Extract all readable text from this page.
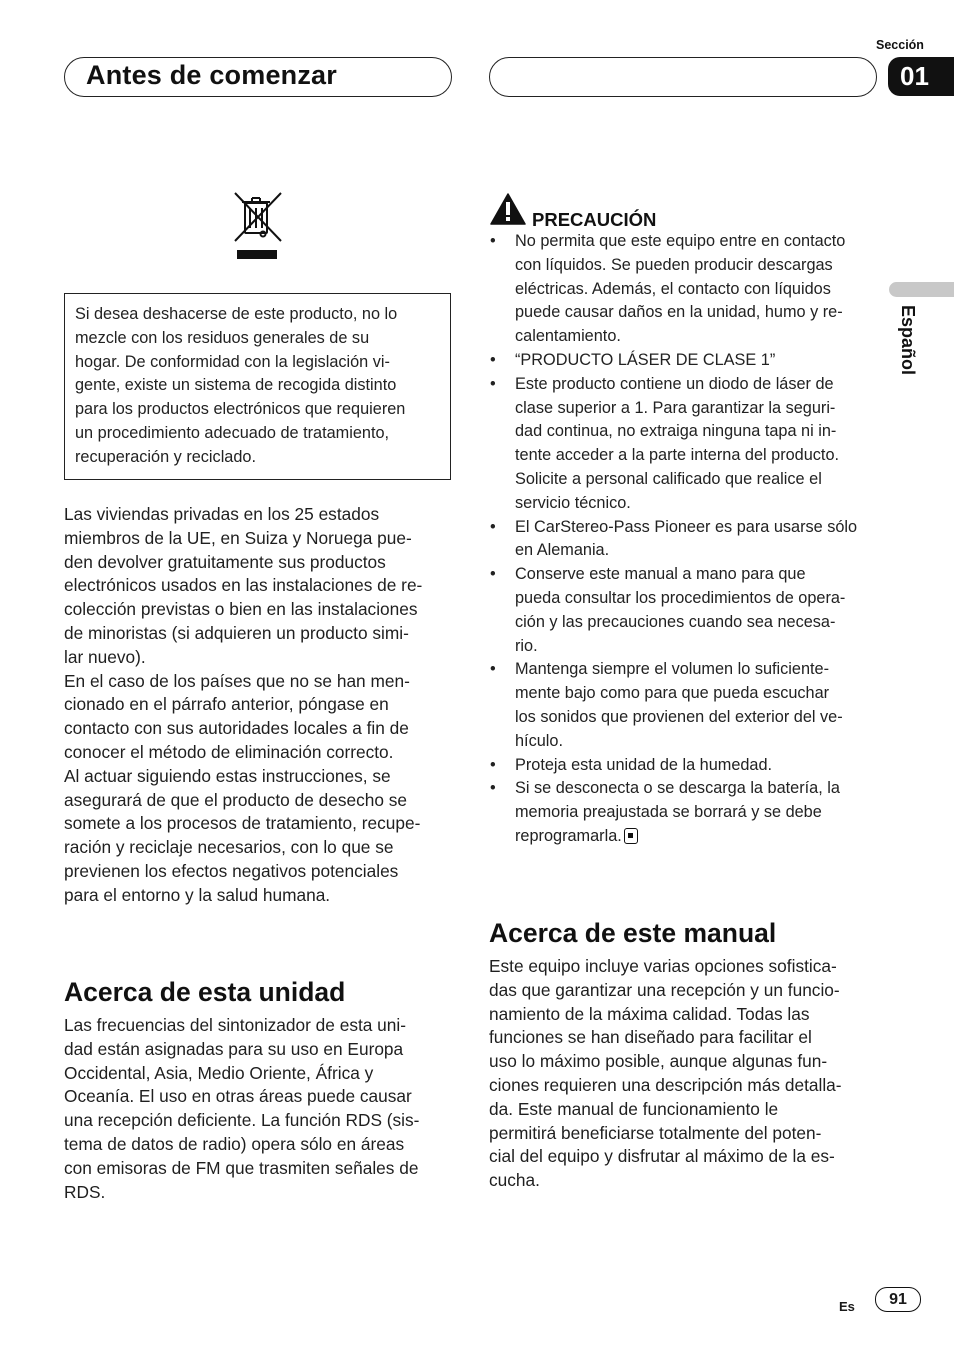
Antes de comenzar
Sección
01
Español
Si desea deshacerse de este producto, no lo
mezcle con los residuos generales de su
hogar. De conformidad con la legislación vi-
gente, existe un sistema de recogida distinto
para los productos electrónicos que requieren
un procedimiento adecuado de tratamiento,
recuperación y reciclado.
Las viviendas privadas en los 25 estados
miembros de la UE, en Suiza y Noruega pue-
den devolver gratuitamente sus productos
electrónicos usados en las instalaciones de re-
colección previstas o bien en las instalaciones
de minoristas (si adquieren un producto simi-
lar nuevo).
En el caso de los países que no se han men-
cionado en el párrafo anterior, póngase en
contacto con sus autoridades locales a fin de
conocer el método de eliminación correcto.
Al actuar siguiendo estas instrucciones, se
asegurará de que el producto de desecho se
somete a los procesos de tratamiento, recupe-
ración y reciclaje necesarios, con lo que se
previenen los efectos negativos potenciales
para el entorno y la salud humana.
Acerca de esta unidad
Las frecuencias del sintonizador de esta uni-
dad están asignadas para su uso en Europa
Occidental, Asia, Medio Oriente, África y
Oceanía. El uso en otras áreas puede causar
una recepción deficiente. La función RDS (sis-
tema de datos de radio) opera sólo en áreas
con emisoras de FM que trasmiten señales de
RDS.
PRECAUCIÓN
• No permita que este equipo entre en contacto
con líquidos. Se pueden producir descargas
eléctricas. Además, el contacto con líquidos
puede causar daños en la unidad, humo y re-
calentamiento.
• “PRODUCTO LÁSER DE CLASE 1”
• Este producto contiene un diodo de láser de
clase superior a 1. Para garantizar la seguri-
dad continua, no extraiga ninguna tapa ni in-
tente acceder a la parte interna del producto.
Solicite a personal calificado que realice el
servicio técnico.
• El CarStereo-Pass Pioneer es para usarse sólo
en Alemania.
• Conserve este manual a mano para que
pueda consultar los procedimientos de opera-
ción y las precauciones cuando sea necesa-
rio.
• Mantenga siempre el volumen lo suficiente-
mente bajo como para que pueda escuchar
los sonidos que provienen del exterior del ve-
hículo.
• Proteja esta unidad de la humedad.
• Si se desconecta o se descarga la batería, la
memoria preajustada se borrará y se debe
reprogramarla.
Acerca de este manual
Este equipo incluye varias opciones sofistica-
das que garantizar una recepción y un funcio-
namiento de la máxima calidad. Todas las
funciones se han diseñado para facilitar el
uso lo máximo posible, aunque algunas fun-
ciones requieren una descripción más detalla-
da. Este manual de funcionamiento le
permitirá beneficiarse totalmente del poten-
cial del equipo y disfrutar al máximo de la es-
cucha.
Es 91
